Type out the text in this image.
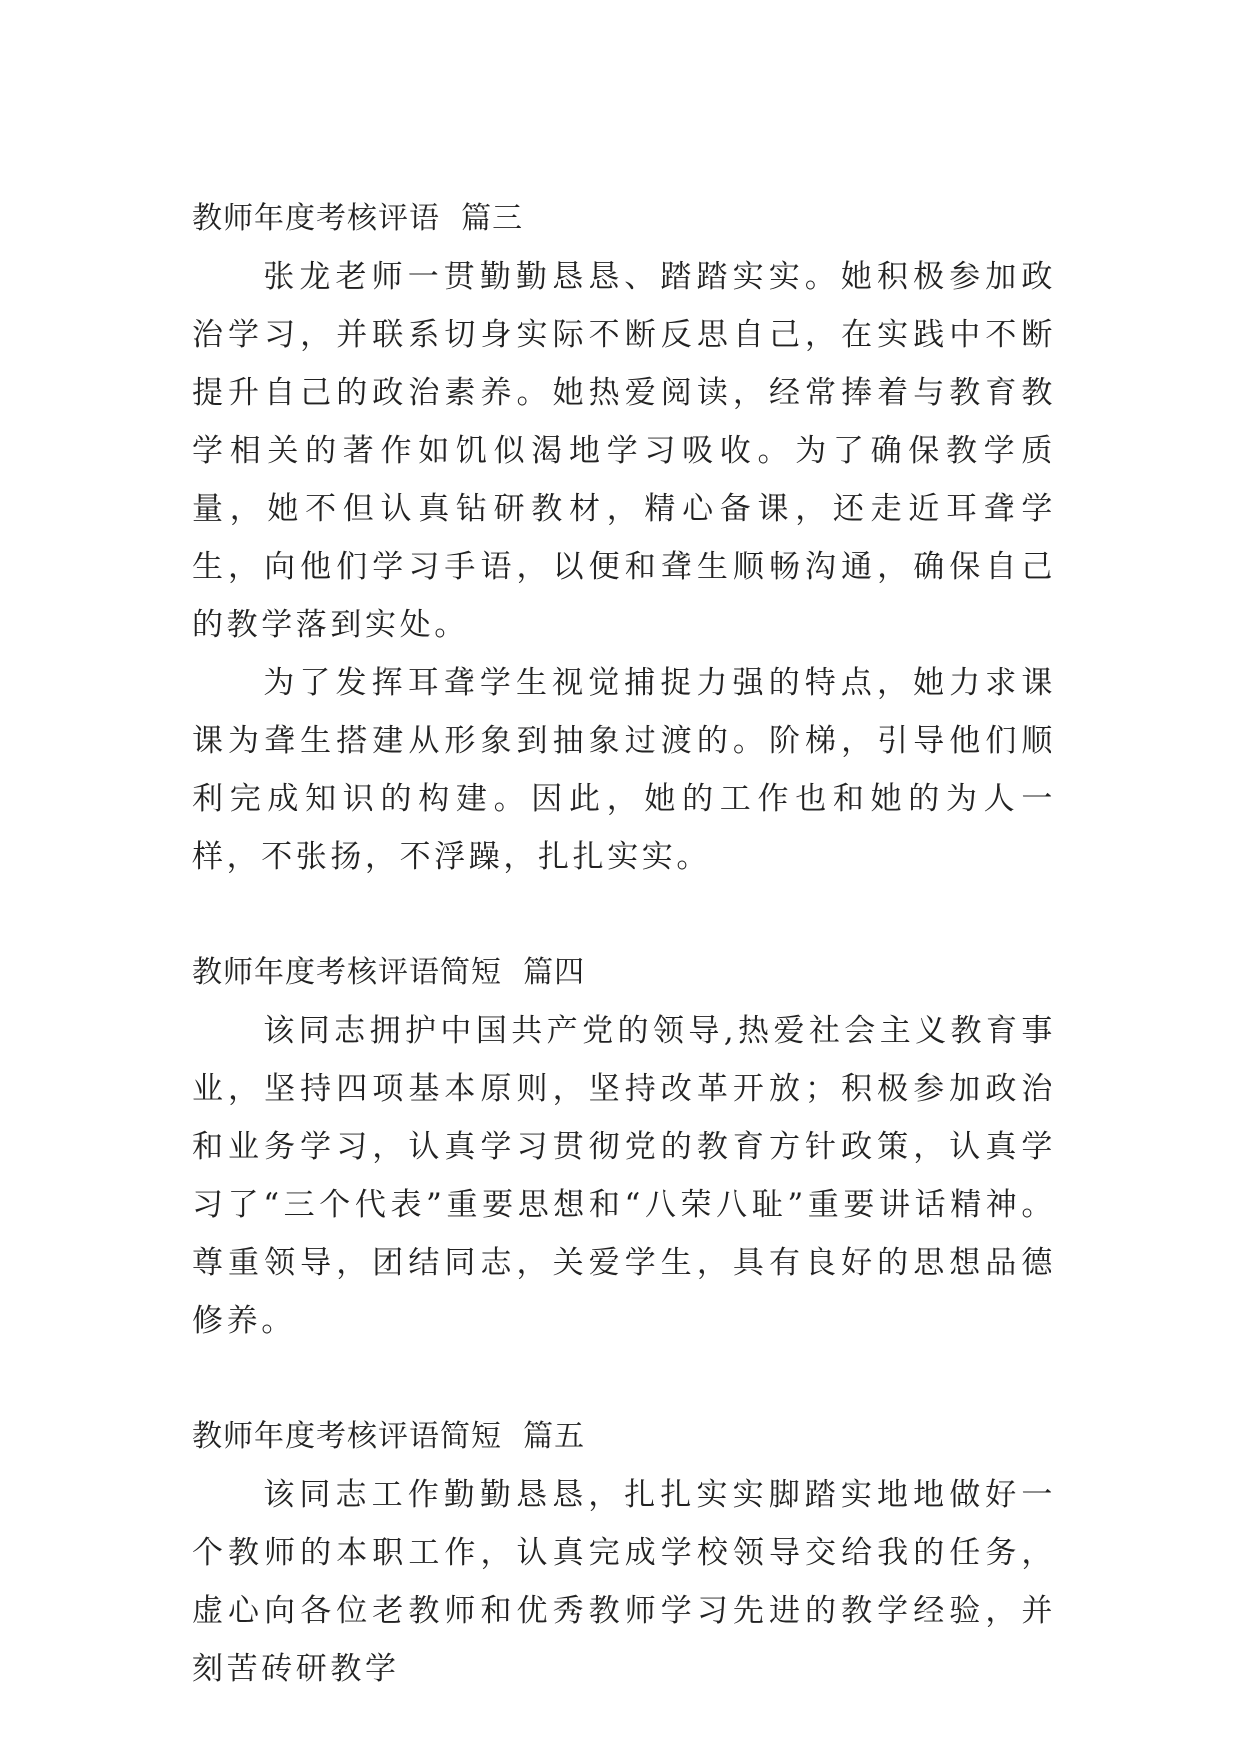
教师年度考核评语  篇三

张龙老师一贯勤勤恳恳、踏踏实实。她积极参加政治学习，并联系切身实际不断反思自己，在实践中不断提升自己的政治素养。她热爱阅读，经常捧着与教育教学相关的著作如饥似渴地学习吸收。为了确保教学质量，她不但认真钻研教材，精心备课，还走近耳聋学生，向他们学习手语，以便和聋生顺畅沟通，确保自己的教学落到实处。

为了发挥耳聋学生视觉捕捉力强的特点，她力求课课为聋生搭建从形象到抽象过渡的。阶梯，引导他们顺利完成知识的构建。因此，她的工作也和她的为人一样，不张扬，不浮躁，扎扎实实。

教师年度考核评语简短  篇四

该同志拥护中国共产党的领导,热爱社会主义教育事业，坚持四项基本原则，坚持改革开放；积极参加政治和业务学习，认真学习贯彻党的教育方针政策，认真学习了“三个代表”重要思想和“八荣八耻”重要讲话精神。尊重领导，团结同志，关爱学生，具有良好的思想品德修养。

教师年度考核评语简短  篇五

该同志工作勤勤恳恳，扎扎实实脚踏实地地做好一个教师的本职工作，认真完成学校领导交给我的任务，虚心向各位老教师和优秀教师学习先进的教学经验，并刻苦砖研教学
